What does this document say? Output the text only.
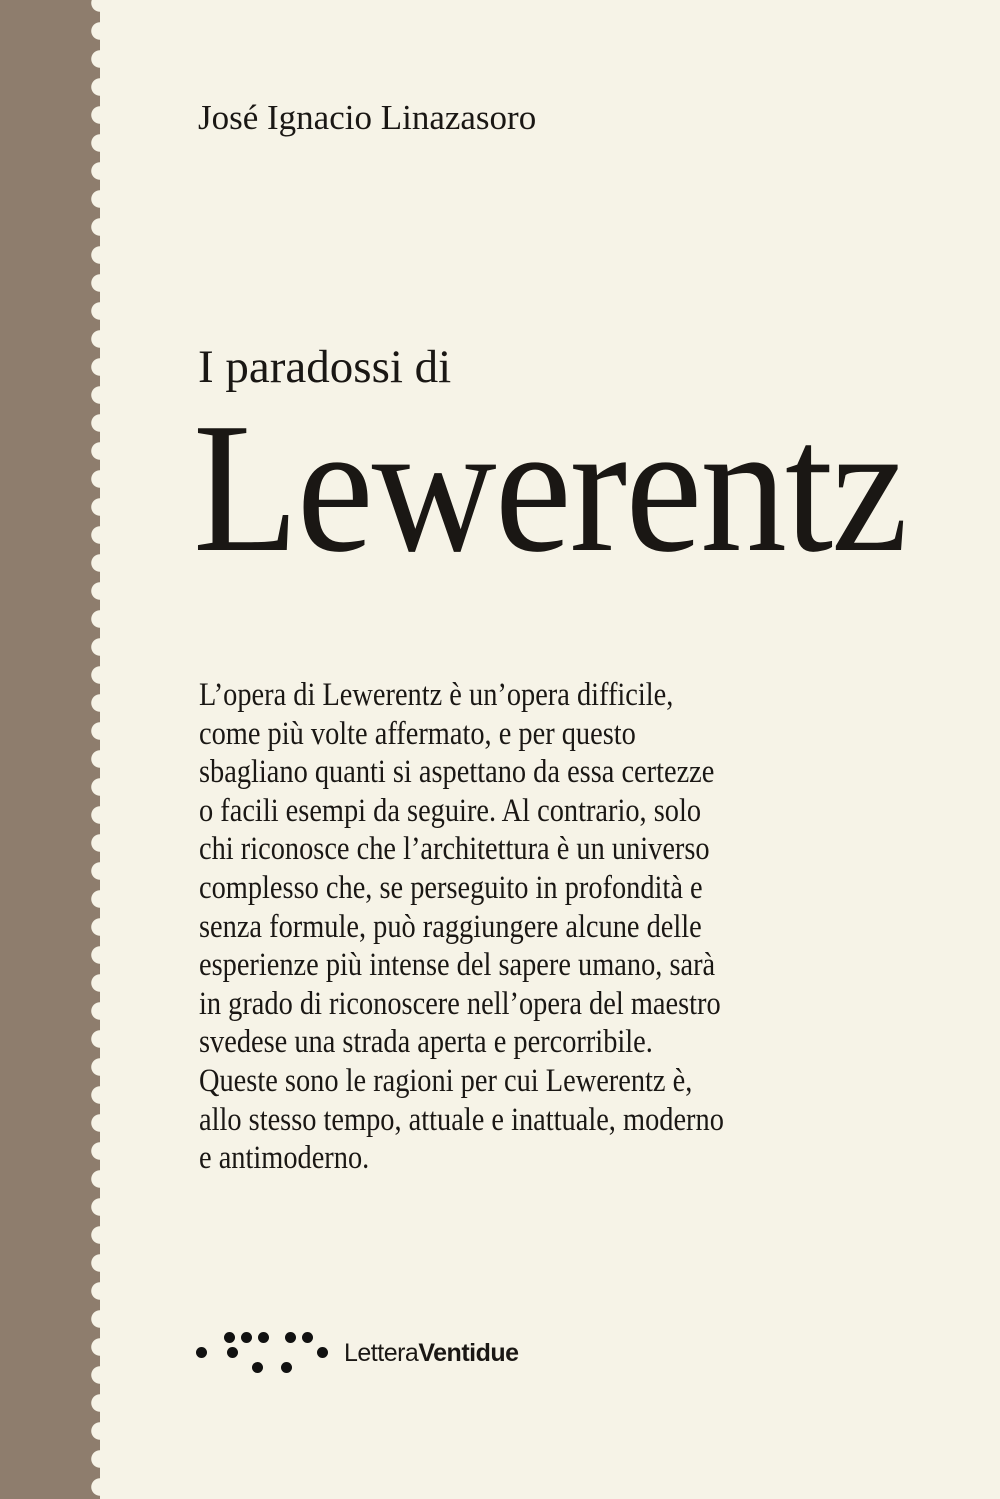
José Ignacio Linazasoro
I paradossi di
Lewerentz
L’opera di Lewerentz è un’opera difficile,
come più volte affermato, e per questo
sbagliano quanti si aspettano da essa certezze
o facili esempi da seguire. Al contrario, solo
chi riconosce che l’architettura è un universo
complesso che, se perseguito in profondità e
senza formule, può raggiungere alcune delle
esperienze più intense del sapere umano, sarà
in grado di riconoscere nell’opera del maestro
svedese una strada aperta e percorribile.
Queste sono le ragioni per cui Lewerentz è,
allo stesso tempo, attuale e inattuale, moderno
e antimoderno.
LetteraVentidue
